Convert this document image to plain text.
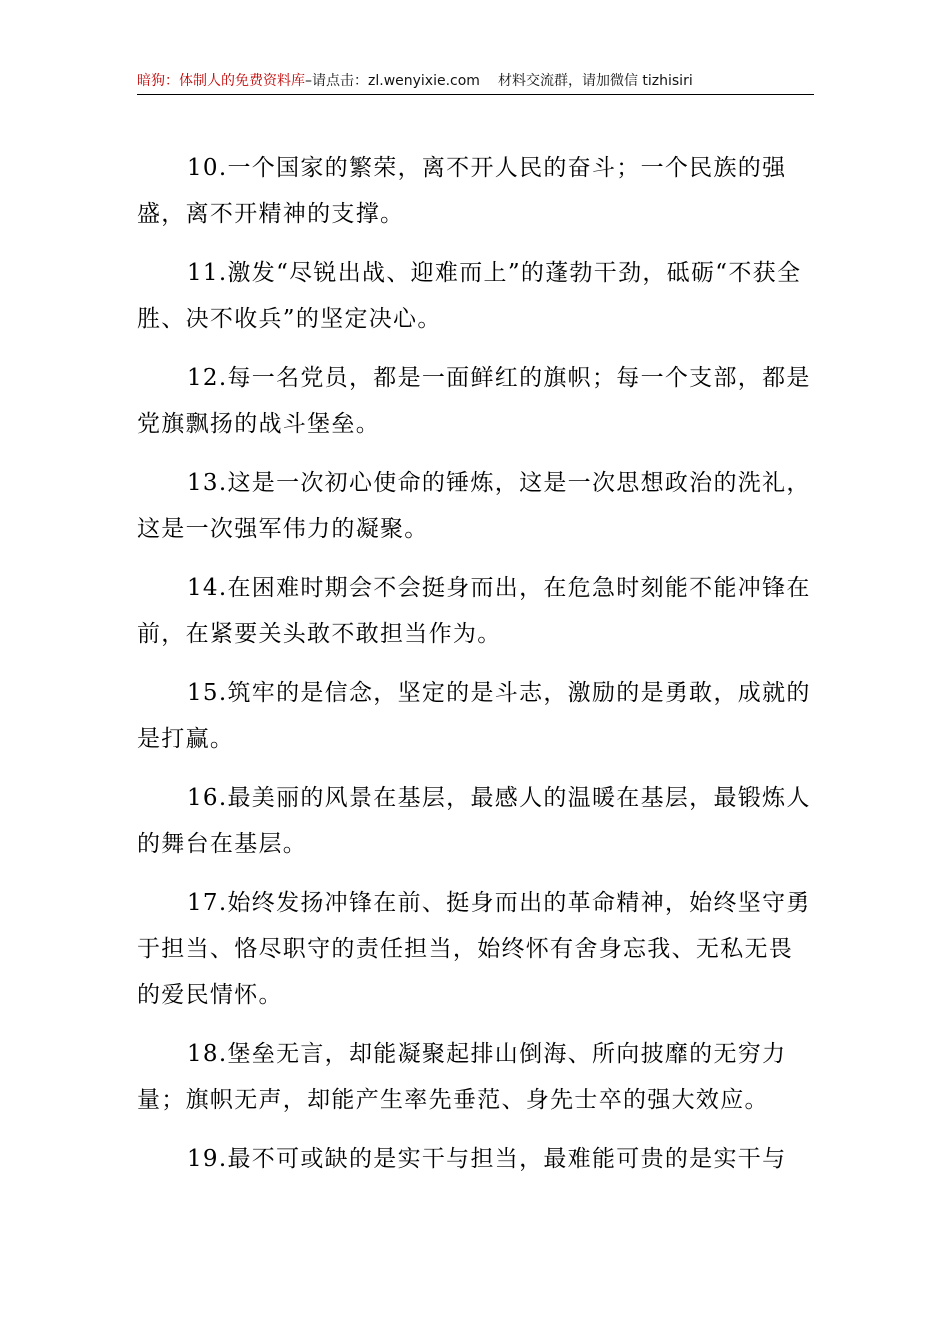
暗狗：体制人的免费资料库–请点击：zl.wenyixie.com 材料交流群，请加微信 tizhisiri

10.一个国家的繁荣，离不开人民的奋斗；一个民族的强盛，离不开精神的支撑。

11.激发“尽锐出战、迎难而上”的蓬勃干劲，砥砺“不获全胜、决不收兵”的坚定决心。

12.每一名党员，都是一面鲜红的旗帜；每一个支部，都是党旗飘扬的战斗堡垒。

13.这是一次初心使命的锤炼，这是一次思想政治的洗礼，这是一次强军伟力的凝聚。

14.在困难时期会不会挺身而出，在危急时刻能不能冲锋在前，在紧要关头敢不敢担当作为。

15.筑牢的是信念，坚定的是斗志，激励的是勇敢，成就的是打赢。

16.最美丽的风景在基层，最感人的温暖在基层，最锻炼人的舞台在基层。

17.始终发扬冲锋在前、挺身而出的革命精神，始终坚守勇于担当、恪尽职守的责任担当，始终怀有舍身忘我、无私无畏的爱民情怀。

18.堡垒无言，却能凝聚起排山倒海、所向披靡的无穷力量；旗帜无声，却能产生率先垂范、身先士卒的强大效应。

19.最不可或缺的是实干与担当，最难能可贵的是实干与
